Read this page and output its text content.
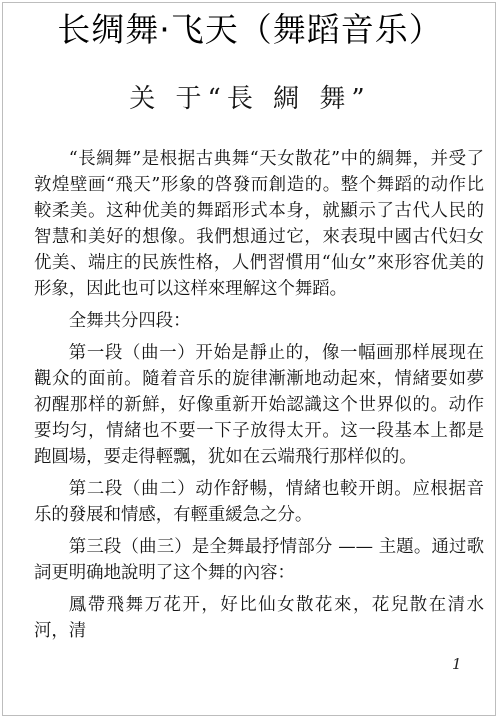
长绸舞·飞天（舞蹈音乐）
关 于“長 綢 舞”

“長綢舞”是根据古典舞“天女散花”中的綢舞，并受了敦煌壁画“飛天”形象的啓發而創造的。整个舞蹈的动作比較柔美。这种优美的舞蹈形式本身，就顯示了古代人民的智慧和美好的想像。我們想通过它，來表現中國古代妇女优美、端庄的民族性格，人們習慣用“仙女”來形容优美的形象，因此也可以这样來理解这个舞蹈。

全舞共分四段：

第一段（曲一）开始是靜止的，像一幅画那样展现在觀众的面前。隨着音乐的旋律漸漸地动起來，情緒要如夢初醒那样的新鮮，好像重新开始認識这个世界似的。动作要均匀，情緒也不要一下子放得太开。这一段基本上都是跑圓場，要走得輕飄，犹如在云端飛行那样似的。

第二段（曲二）动作舒暢，情緒也較开朗。应根据音乐的發展和情感，有輕重緩急之分。

第三段（曲三）是全舞最抒情部分 —— 主題。通过歌詞更明确地說明了这个舞的內容：

鳳帶飛舞万花开，好比仙女散花來，花兒散在清水河，清

1
